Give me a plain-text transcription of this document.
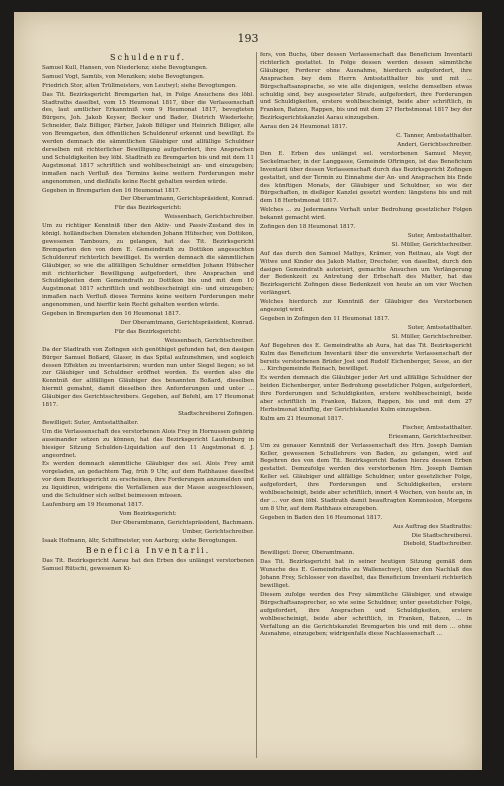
193
Schuldenruf.
Samuel Kull, Hansen, von Niederlenz; siehe Bevogtungen.
Samuel Vogt, Samüls, von Menziken; siehe Bevogtungen.
Friedrich Stor, alten Trüllmeisters, von Leutwyl; siehe Bevogtungen.
Das Tit. Bezirksgericht Bremgarten hat, in Folge Ansuchens des löbl. Stadtraths daselbst, vom 15 Heumonat 1817, über die Verlassenschaft des, laut amtlicher Erkanntniß vom 9 Heumonat 1817, bevogteten Bürgers, Joh. Jakob Keyser, Becker und Bader, Dietrich Wiederkehr, Schneider, Balz Billiger, Färber, Jakob Billiger und Heinrich Billiger, alle von Bremgarten, den öffentlichen Schuldenruf erkennt und bewilligt. Es werden demnach die sämmtlichen Gläubiger und allfällige Schuldner derselben mit richterlicher Bewilligung aufgefordert, ihre Ansprachen und Schuldigkeiten bey löbl. Stadtrath zu Bremgarten bis und mit dem 11 Augstmonat 1817 schriftlich und wohlbescheinigt an- und einzugeben; inmaßen nach Verfluß des Termins keine weitern Forderungen mehr angenommen, und dießfalls keine Recht gehalten werden würde.
Gegeben in Bremgarten den 16 Heumonat 1817.
Der Oberamtmann, Gerichtspräsident, Konrad.
Für das Bezirksgericht:
Weissenbach, Gerichtschreiber.
Um zu richtiger Kenntniß über den Aktiv- und Passiv-Zustand des in königl. holländischen Diensten stehenden Johann Hübscher, von Dottikon, gewesenen Tambours, zu gelangen, hat das Tit. Bezirksgericht Bremgarten den von dem E. Gemeindrath zu Dottikon angesuchten Schuldenruf richterlich bewilliget. Es werden demnach die sämmtlichen Gläubiger, so wie die allfälligen Schuldner ermeldten Johann Hübscher mit richterlicher Bewilligung aufgefordert, ihre Ansprachen und Schuldigkeiten dem Gemeindrath zu Dottikon bis und mit dem 10 Augstmonat 1817 schriftlich und wohlbescheinigt ein- und einzugeben; inmaßen nach Verfluß dieses Termins keine weitern Forderungen mehr angenommen, und hierfür kein Recht gehalten werden würde.
Gegeben in Bremgarten den 16 Heumonat 1817.
Der Oberamtmann, Gerichtspräsident, Konrad.
Für das Bezirksgericht:
Weissenbach, Gerichtschreiber.
Da der Stadtrath von Zofingen sich genöthiget gefunden hat, den dasigen Bürger Samuel Boßard, Glaser, in das Spital aufzunehmen, und sogleich dessen Effekten zu inventarisiren; wurden nun unter Siegel liegen; so ist zur Gläubiger und Schuldner eröffnet worden. Es werden also die Kenntniß der allfälligen Gläubiger des benannten Boßard, dieselben hiermit gemahnt, damit dieselben ihre Anforderungen und unter ... Gläubiger des Gerichtsschreibers. Gegeben, auf Befehl, am 17 Heumonat 1817.
Stadtschreiberei Zofingen.
Bewilliget: Suter, Amtsstatthalter.
Um die Verlassenschaft des verstorbenen Alois Frey in Hornussen gehörig auseinander setzen zu können, hat das Bezirksgericht Laufenburg in hiesiger Sitzung Schulden-Liquidation auf den 11 Augstmonat d. J. angeordnet.
Es werden demnach sämmtliche Gläubiger des sel. Alois Frey amit vorgeladen, an gedachtem Tag, früh 9 Uhr, auf dem Rathhause daselbst vor dem Bezirksgericht zu erscheinen, ihre Forderungen anzumelden und zu liquidiren, widrigens die Verfallenen aus der Masse ausgeschlossen, und die Schuldner sich selbst beimessen müssen.
Laufenburg am 19 Heumonat 1817.
Vom Bezirksgericht:
Der Oberamtmann, Gerichtspräsident, Bachmann.
Umber, Gerichtschreiber.
Isaak Hofmann, ältr, Schiffmeister, von Aarburg; siehe Bevogtungen.
Beneficia Inventarii.
Das Tit. Bezirksgericht Aarau hat den Erben des unlängst verstorbenen Samuel Rütschi, gewesenen Ki-
fers, von Buchs, über dessen Verlassenschaft das Beneficium Inventarii richterlich gestattet. In Folge dessen werden dessen sämmtliche Gläubiger, Forderer ohne Ausnahme, hierdurch aufgefordert, ihre Ansprachen bey dem Herrn Amtsstatthalter bis und mit ... Bürgschaftsansprache, so wie alle diejenigen, welche demselben etwas schuldig sind, bey ausgesetzter Strafe, aufgefordert, ihre Forderungen und Schuldigkeiten, erstere wohlbescheinigt, beide aber schriftlich, in Franken, Batzen, Rappen, bis und mit dem 27 Herbstmonat 1817 bey der Bezirksgerichtskanzlei Aarau einzugeben.
Aarau den 24 Heumonat 1817.
C. Tanner, Amtsstatthalter.
Anderi, Gerichtsschreiber.
Den E. Erben des unlängst sel. verstorbenen Samuel Meyer, Seckelmacher, in der Langgasse, Gemeinde Oftringen, ist das Beneficium Inventarii über dessen Verlassenschaft durch das Bezirksgericht Zofingen gestattet, und der Termin zu Einnahme der An- und Ansprachen bis Ende des künftigen Monats, der Gläubiger und Schuldner, so wie der Bürgschaften, in dießiger Kanzlei gesetzt worden: längstens bis und mit dem 18 Herbstmonat 1817.
Welches ... zu Jedermanns Verhalt unter Bedrohung gesetzlicher Folgen bekannt gemacht wird.
Zofingen den 18 Heumonat 1817.
Suter, Amtsstatthalter.
Sl. Müller, Gerichtschreiber.
Auf das durch den Samuel Mathys, Krämer, von Reitnau, als Vogt der Witwe und Kinder des Jakob Matter, Drechsler, von daselbst, durch den dasigen Gemeindrath autorisirt, gemachte Ansuchen um Verlängerung der Bedenkzeit zu Antretung der Erbschaft des Matter, hat das Bezirksgericht Zofingen diese Bedenkzeit von heute an um vier Wochen verlängert.
Welches hierdurch zur Kenntniß der Gläubiger des Verstorbenen angezeigt wird.
Gegeben in Zofingen den 11 Heumonat 1817.
Suter, Amtsstatthalter.
Sl. Müller, Gerichtschreiber.
Auf Begehren des E. Gemeindraths ab Aura, hat das Tit. Bezirksgericht Kulm das Beneficium Inventarii über die unverehrte Verlassenschaft der bereits verstorbenen Brüder Jost und Rudolf Eichenberger, Sesse, an der ... Kirchgemeinde Reinach, bewilliget.
Es werden demnach die Gläubiger jeder Art und allfällige Schuldner der beiden Eichenberger, unter Bedrohung gesetzlicher Folgen, aufgefordert, ihre Forderungen und Schuldigkeiten, erstere wohlbescheinigt, beide aber schriftlich in Franken, Batzen, Rappen, bis und mit dem 27 Herbstmonat künftig, der Gerichtskanzlei Kulm einzugeben.
Kulm am 21 Heumonat 1817.
Fischer, Amtsstatthalter.
Eriesmann, Gerichtschreiber.
Um zu genauer Kenntniß der Verlassenschaft des Hrn. Joseph Damian Keller, gewesenen Schullehrers von Baden, zu gelangen, wird auf Begehren des von dem Tit. Bezirksgericht Baden hierzu dessen Erben gestattet. Demzufolge werden des verstorbenen Hrn. Joseph Damian Keller sel. Gläubiger und allfällige Schuldner, unter gesetzlicher Folge, aufgefordert, ihre Forderungen und Schuldigkeiten, erstere wohlbescheinigt, beide aber schriftlich, innert 4 Wochen, von heute an, in der ... vor dem löbl. Stadtrath damit beauftragten Kommission, Morgens um 8 Uhr, auf dem Rathhaus einzugeben.
Gegeben in Baden den 16 Heumonat 1817.
Aus Auftrag des Stadtraths:
Die Stadtschreiberei.
Diebold, Stadtschreiber.
Bewilliget: Dorer, Oberamtmann.
Das Tit. Bezirksgericht hat in seiner heutigen Sitzung gemäß dem Wunsche des E. Gemeindraths zu Wallenschwyl, über den Nachlaß des Johann Frey, Schlosser von daselbst, das Beneficium Inventarii richterlich bewilliget.
Diesem zufolge werden des Frey sämmtliche Gläubiger, und etwaige Bürgschaftsansprecher, so wie seine Schuldner, unter gesetzlicher Folge, aufgefordert, ihre Ansprachen und Schuldigkeiten, erstere wohlbescheinigt, beide aber schriftlich, in Franken, Batzen, ... in Verfallung an die Gerichtskanzlei Bremgarten bis und mit dem ... ohne Ausnahme, einzugeben; widrigenfalls diese Nachlassenschaft ...
